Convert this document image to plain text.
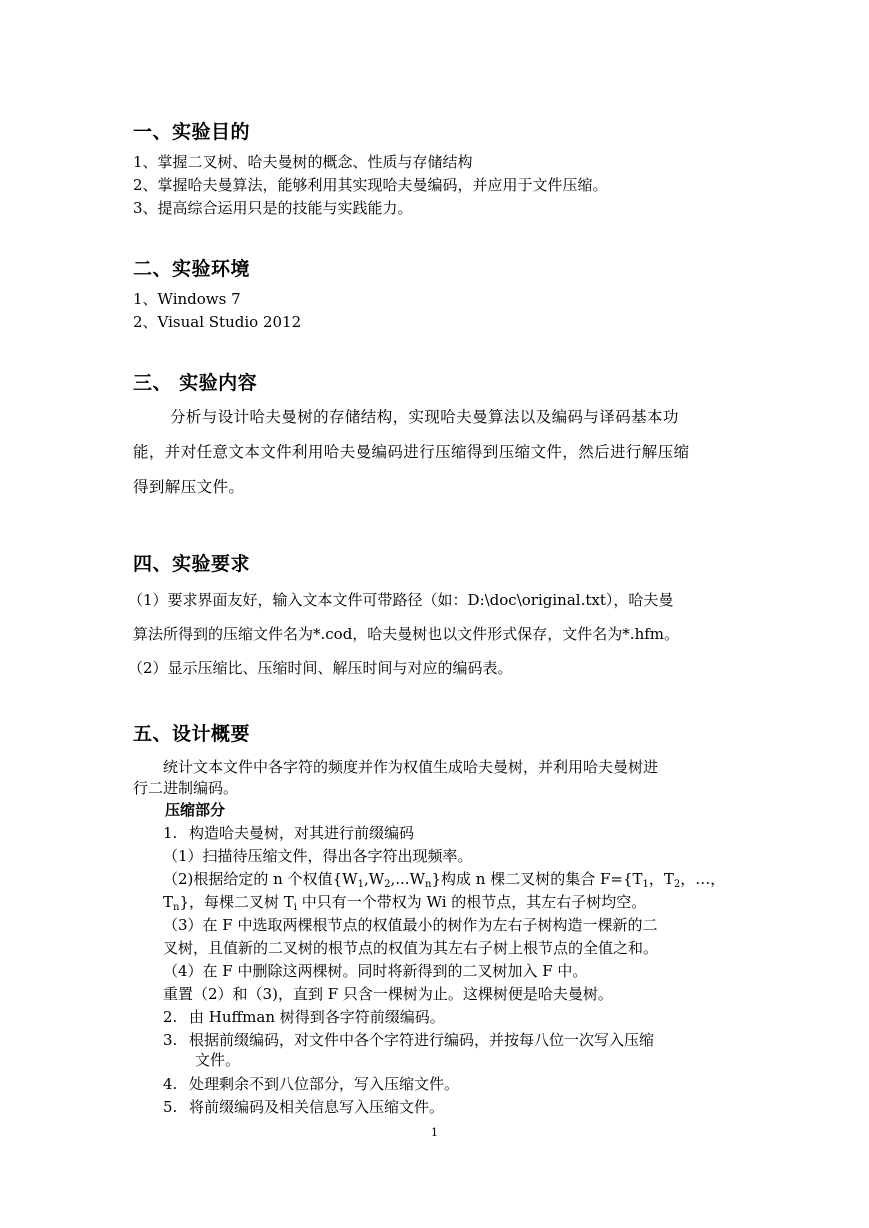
一、实验目的
1、掌握二叉树、哈夫曼树的概念、性质与存储结构
2、掌握哈夫曼算法，能够利用其实现哈夫曼编码，并应用于文件压缩。
3、提高综合运用只是的技能与实践能力。
二、实验环境
1、Windows 7
2、Visual Studio 2012
三、 实验内容
分析与设计哈夫曼树的存储结构，实现哈夫曼算法以及编码与译码基本功
能，并对任意文本文件利用哈夫曼编码进行压缩得到压缩文件，然后进行解压缩
得到解压文件。
四、实验要求
（1）要求界面友好，输入文本文件可带路径（如：D:\doc\original.txt），哈夫曼
算法所得到的压缩文件名为*.cod，哈夫曼树也以文件形式保存，文件名为*.hfm。
（2）显示压缩比、压缩时间、解压时间与对应的编码表。
五、设计概要
统计文本文件中各字符的频度并作为权值生成哈夫曼树，并利用哈夫曼树进
行二进制编码。
压缩部分
1. 构造哈夫曼树，对其进行前缀编码
（1）扫描待压缩文件，得出各字符出现频率。
（2)根据给定的 n 个权值$\{W_1,W_2,...W_n\}$构成 n 棵二叉树的集合 $F=\{T_1$，$T_2$，…，
$T_n$}，每棵二叉树 $T_i$ 中只有一个带权为 Wi 的根节点，其左右子树均空。
（3）在 F 中选取两棵根节点的权值最小的树作为左右子树构造一棵新的二
叉树，且值新的二叉树的根节点的权值为其左右子树上根节点的全值之和。
（4）在 F 中删除这两棵树。同时将新得到的二叉树加入 F 中。
重置（2）和（3)，直到 F 只含一棵树为止。这棵树便是哈夫曼树。
2. 由 Huffman 树得到各字符前缀编码。
3. 根据前缀编码，对文件中各个字符进行编码，并按每八位一次写入压缩
文件。
4. 处理剩余不到八位部分，写入压缩文件。
5. 将前缀编码及相关信息写入压缩文件。
1
